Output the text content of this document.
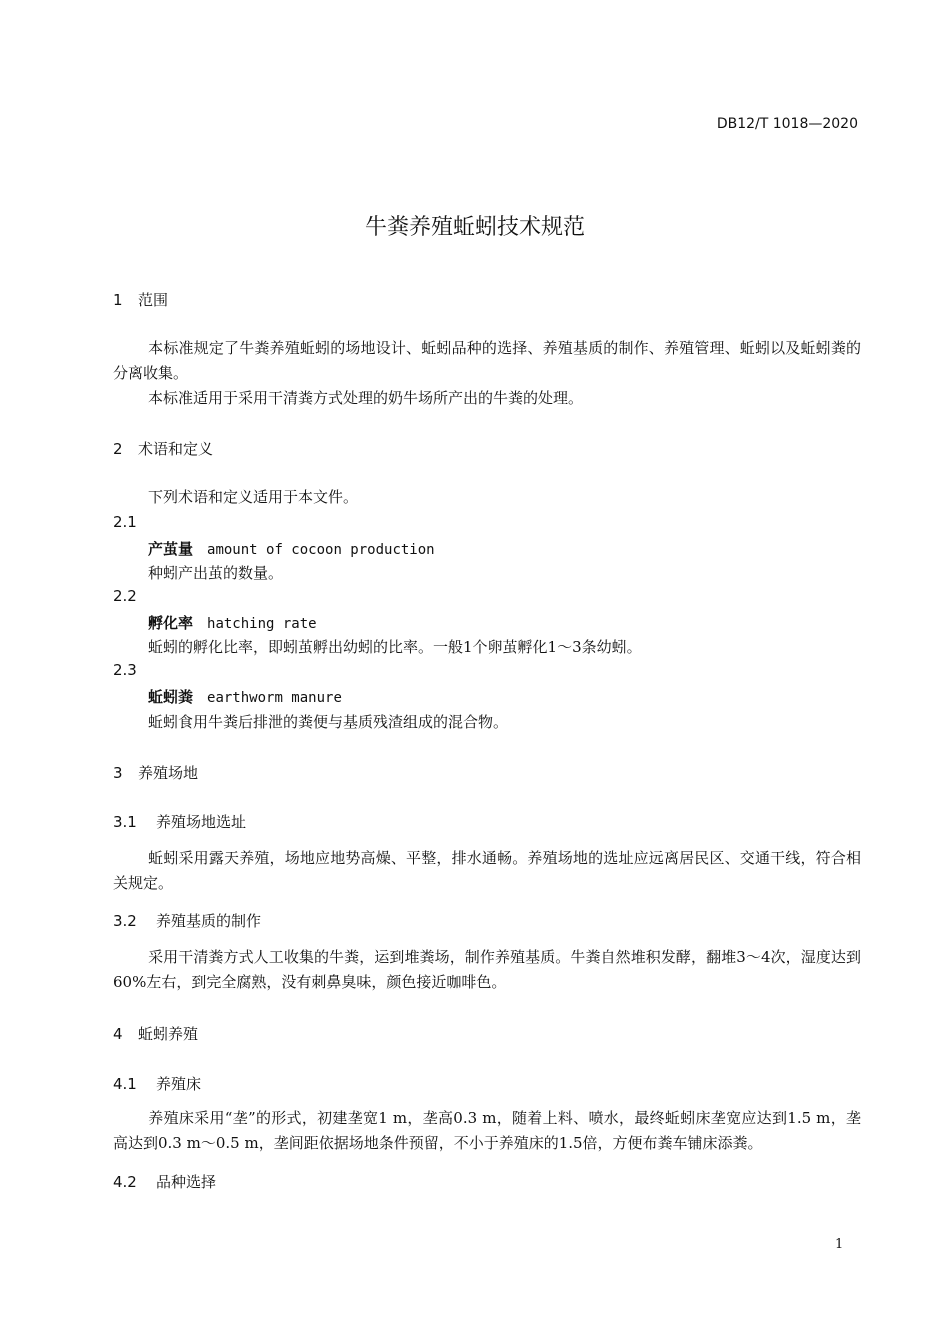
DB12/T 1018—2020
牛粪养殖蚯蚓技术规范
1 范围
本标准规定了牛粪养殖蚯蚓的场地设计、蚯蚓品种的选择、养殖基质的制作、养殖管理、蚯蚓以及蚯蚓粪的分离收集。
本标准适用于采用干清粪方式处理的奶牛场所产出的牛粪的处理。
2 术语和定义
下列术语和定义适用于本文件。
2.1
产茧量 amount of cocoon production
种蚓产出茧的数量。
2.2
孵化率 hatching rate
蚯蚓的孵化比率，即蚓茧孵出幼蚓的比率。一般1个卵茧孵化1～3条幼蚓。
2.3
蚯蚓粪 earthworm manure
蚯蚓食用牛粪后排泄的粪便与基质残渣组成的混合物。
3 养殖场地
3.1 养殖场地选址
蚯蚓采用露天养殖，场地应地势高燥、平整，排水通畅。养殖场地的选址应远离居民区、交通干线，符合相关规定。
3.2 养殖基质的制作
采用干清粪方式人工收集的牛粪，运到堆粪场，制作养殖基质。牛粪自然堆积发酵，翻堆3～4次，湿度达到60%左右，到完全腐熟，没有刺鼻臭味，颜色接近咖啡色。
4 蚯蚓养殖
4.1 养殖床
养殖床采用“垄”的形式，初建垄宽1 m，垄高0.3 m，随着上料、喷水，最终蚯蚓床垄宽应达到1.5 m，垄高达到0.3 m～0.5 m，垄间距依据场地条件预留，不小于养殖床的1.5倍，方便布粪车铺床添粪。
4.2 品种选择
1
